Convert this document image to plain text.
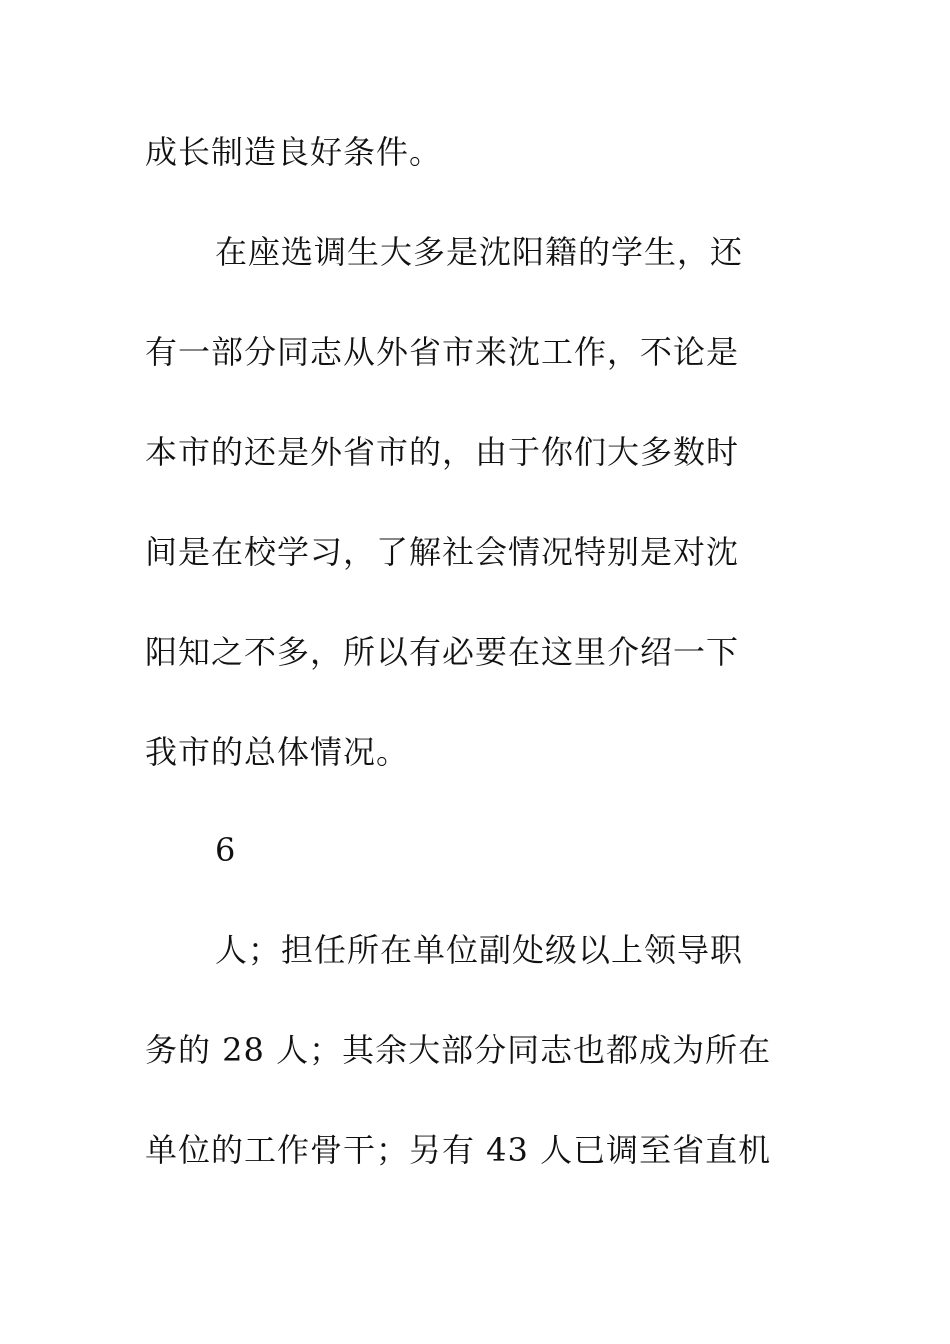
成长制造良好条件。
在座选调生大多是沈阳籍的学生，还
有一部分同志从外省市来沈工作，不论是
本市的还是外省市的，由于你们大多数时
间是在校学习，了解社会情况特别是对沈
阳知之不多，所以有必要在这里介绍一下
我市的总体情况。
6
人；担任所在单位副处级以上领导职
务的 28 人；其余大部分同志也都成为所在
单位的工作骨干；另有 43 人已调至省直机
